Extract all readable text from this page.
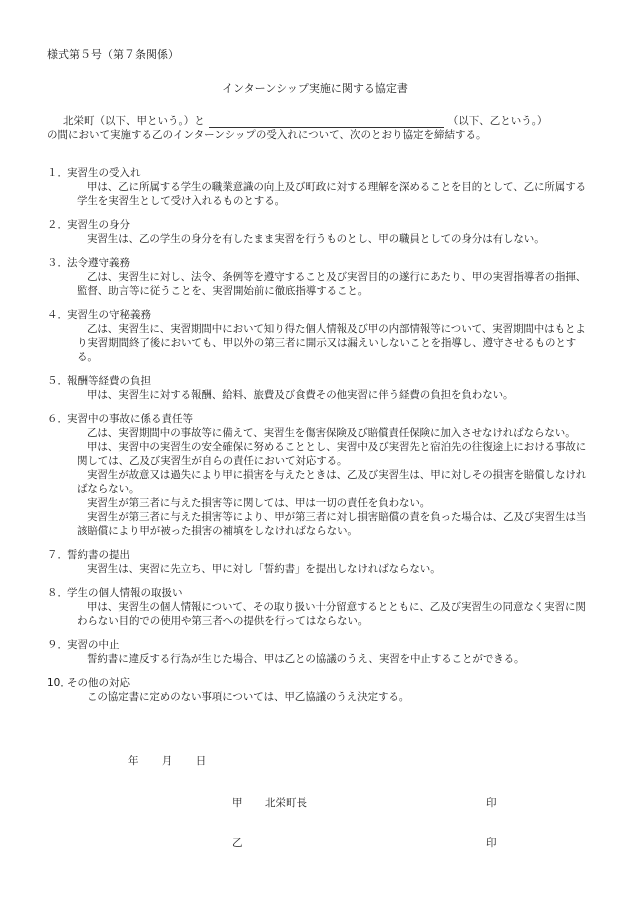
様式第５号（第７条関係）
インターンシップ実施に関する協定書
北栄町（以下、甲という。）と	（以下、乙という。）
の間において実施する乙のインターンシップの受入れについて、次のとおり協定を締結する。
１． 実習生の受入れ
甲は、乙に所属する学生の職業意識の向上及び町政に対する理解を深めることを目的として、乙に所属する学生を実習生として受け入れるものとする。
２． 実習生の身分
実習生は、乙の学生の身分を有したまま実習を行うものとし、甲の職員としての身分は有しない。
３． 法令遵守義務
乙は、実習生に対し、法令、条例等を遵守すること及び実習目的の遂行にあたり、甲の実習指導者の指揮、監督、助言等に従うことを、実習開始前に徹底指導すること。
４． 実習生の守秘義務
乙は、実習生に、実習期間中において知り得た個人情報及び甲の内部情報等について、実習期間中はもとより実習期間終了後においても、甲以外の第三者に開示又は漏えいしないことを指導し、遵守させるものとする。
５． 報酬等経費の負担
甲は、実習生に対する報酬、給料、旅費及び食費その他実習に伴う経費の負担を負わない。
６． 実習中の事故に係る責任等
乙は、実習期間中の事故等に備えて、実習生を傷害保険及び賠償責任保険に加入させなければならない。
甲は、実習中の実習生の安全確保に努めることとし、実習中及び実習先と宿泊先の往復途上における事故に関しては、乙及び実習生が自らの責任において対応する。
実習生が故意又は過失により甲に損害を与えたときは、乙及び実習生は、甲に対しその損害を賠償しなければならない。
実習生が第三者に与えた損害等に関しては、甲は一切の責任を負わない。
実習生が第三者に与えた損害等により、甲が第三者に対し損害賠償の責を負った場合は、乙及び実習生は当該賠償により甲が被った損害の補填をしなければならない。
７． 誓約書の提出
実習生は、実習に先立ち、甲に対し「誓約書」を提出しなければならない。
８． 学生の個人情報の取扱い
甲は、実習生の個人情報について、その取り扱い十分留意するとともに、乙及び実習生の同意なく実習に関わらない目的での使用や第三者への提供を行ってはならない。
９． 実習の中止
誓約書に違反する行為が生じた場合、甲は乙との協議のうえ、実習を中止することができる。
10．
その他の対応
この協定書に定めのない事項については、甲乙協議のうえ決定する。
年 月 日
甲 北栄町長	印
乙	印
